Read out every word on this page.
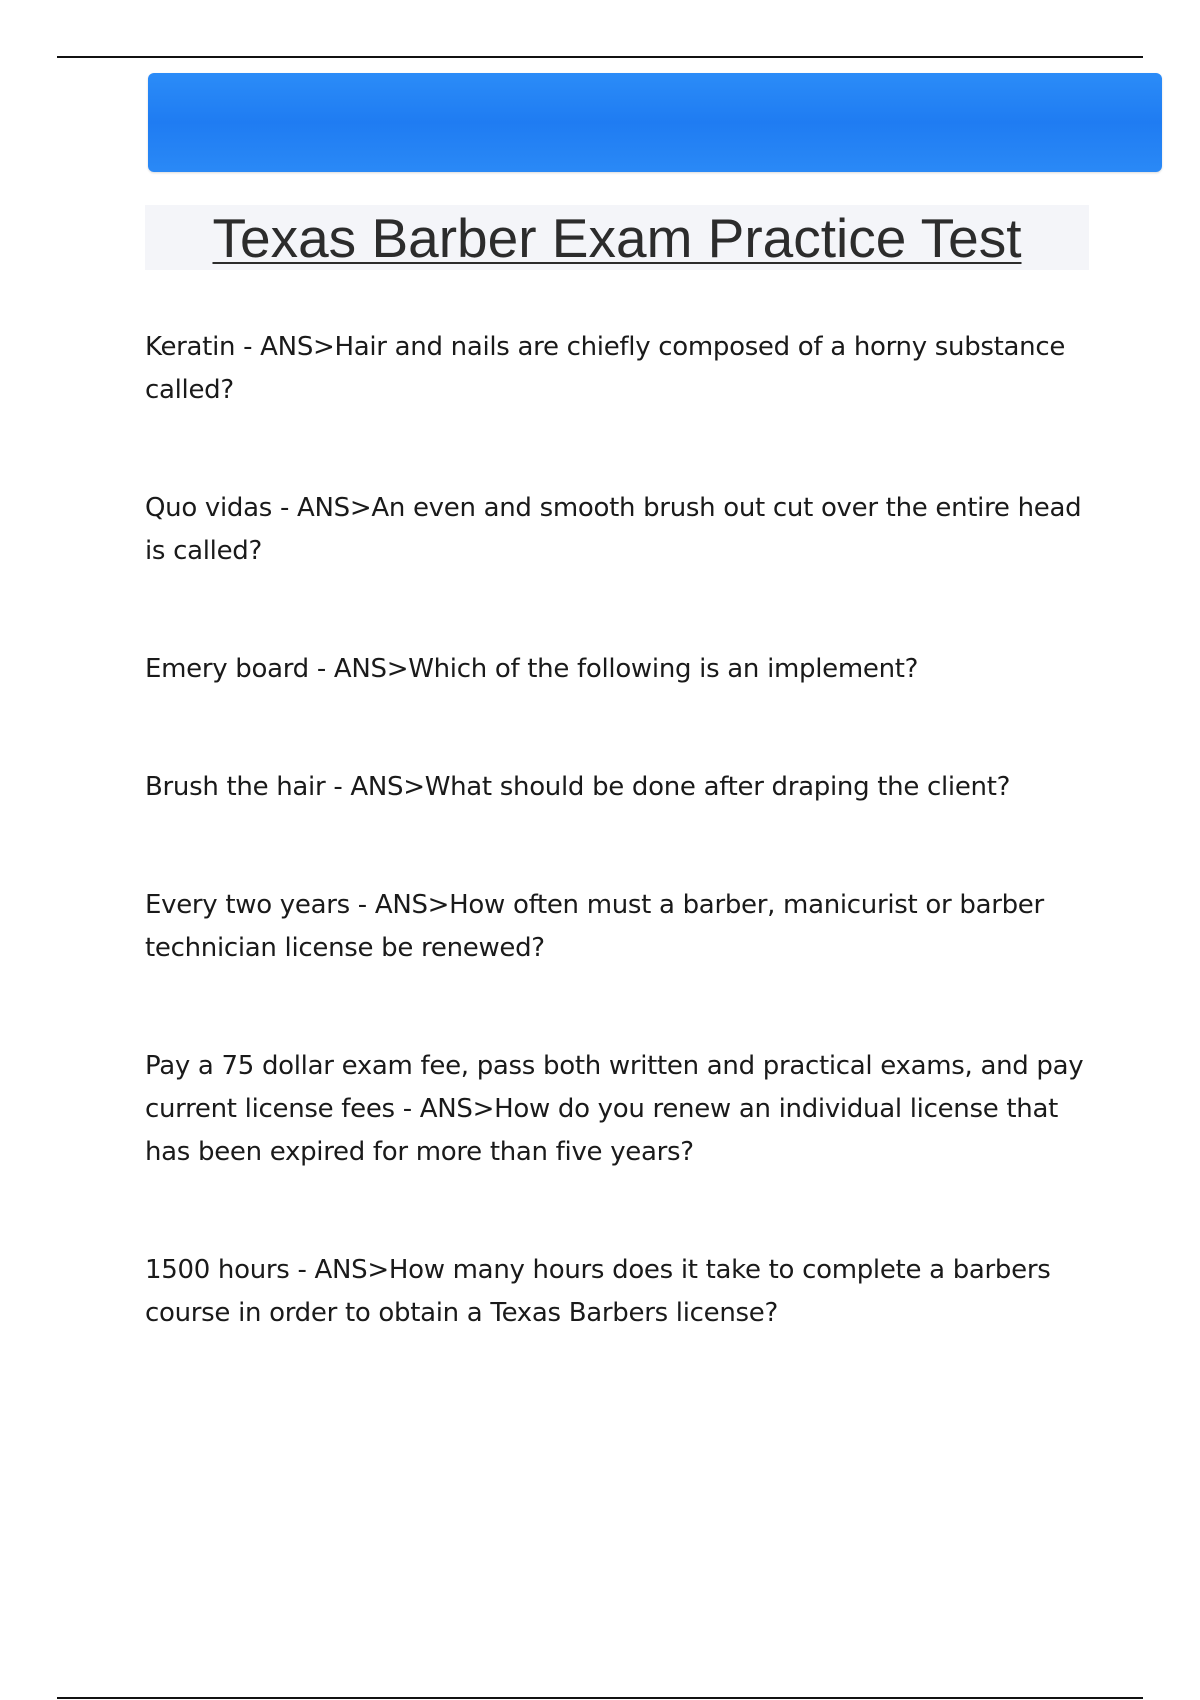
Texas Barber Exam Practice Test
Keratin - ANS>Hair and nails are chiefly composed of a horny substance called?
Quo vidas - ANS>An even and smooth brush out cut over the entire head is called?
Emery board - ANS>Which of the following is an implement?
Brush the hair - ANS>What should be done after draping the client?
Every two years - ANS>How often must a barber, manicurist or barber technician license be renewed?
Pay a 75 dollar exam fee, pass both written and practical exams, and pay current license fees - ANS>How do you renew an individual license that has been expired for more than five years?
1500 hours - ANS>How many hours does it take to complete a barbers course in order to obtain a Texas Barbers license?
